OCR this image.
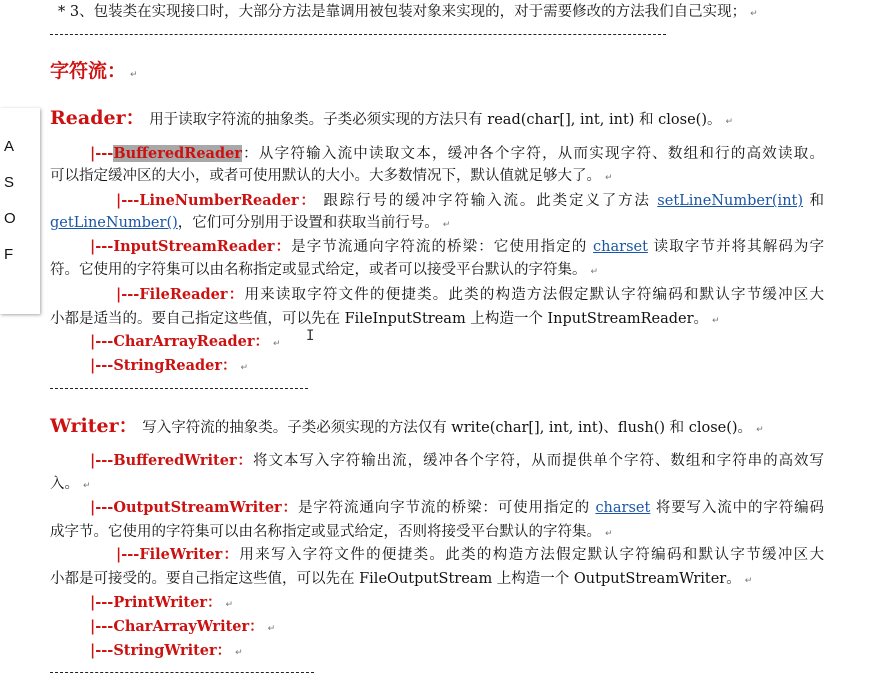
* 3、包装类在实现接口时，大部分方法是靠调用被包装对象来实现的，对于需要修改的方法我们自己实现； ↵
字符流： ↵
Reader： 用于读取字符流的抽象类。子类必须实现的方法只有 read(char[], int, int) 和 close()。 ↵
|---BufferedReader：从字符输入流中读取文本，缓冲各个字符，从而实现字符、数组和行的高效读取。
可以指定缓冲区的大小，或者可使用默认的大小。大多数情况下，默认值就足够大了。 ↵
|---LineNumberReader： 跟踪行号的缓冲字符输入流。此类定义了方法 setLineNumber(int) 和
getLineNumber()，它们可分别用于设置和获取当前行号。 ↵
|---InputStreamReader：是字节流通向字符流的桥梁：它使用指定的 charset 读取字节并将其解码为字
符。它使用的字符集可以由名称指定或显式给定，或者可以接受平台默认的字符集。 ↵
|---FileReader：用来读取字符文件的便捷类。此类的构造方法假定默认字符编码和默认字节缓冲区大
小都是适当的。要自己指定这些值，可以先在 FileInputStream 上构造一个 InputStreamReader。 ↵
|---CharArrayReader： ↵
|---StringReader： ↵
Writer： 写入字符流的抽象类。子类必须实现的方法仅有 write(char[], int, int)、flush() 和 close()。 ↵
|---BufferedWriter：将文本写入字符输出流，缓冲各个字符，从而提供单个字符、数组和字符串的高效写
入。 ↵
|---OutputStreamWriter：是字符流通向字节流的桥梁：可使用指定的 charset 将要写入流中的字符编码
成字节。它使用的字符集可以由名称指定或显式给定，否则将接受平台默认的字符集。 ↵
|---FileWriter：用来写入字符文件的便捷类。此类的构造方法假定默认字符编码和默认字节缓冲区大
小都是可接受的。要自己指定这些值，可以先在 FileOutputStream 上构造一个 OutputStreamWriter。 ↵
|---PrintWriter： ↵
|---CharArrayWriter： ↵
|---StringWriter： ↵
I
A
S
O
F
